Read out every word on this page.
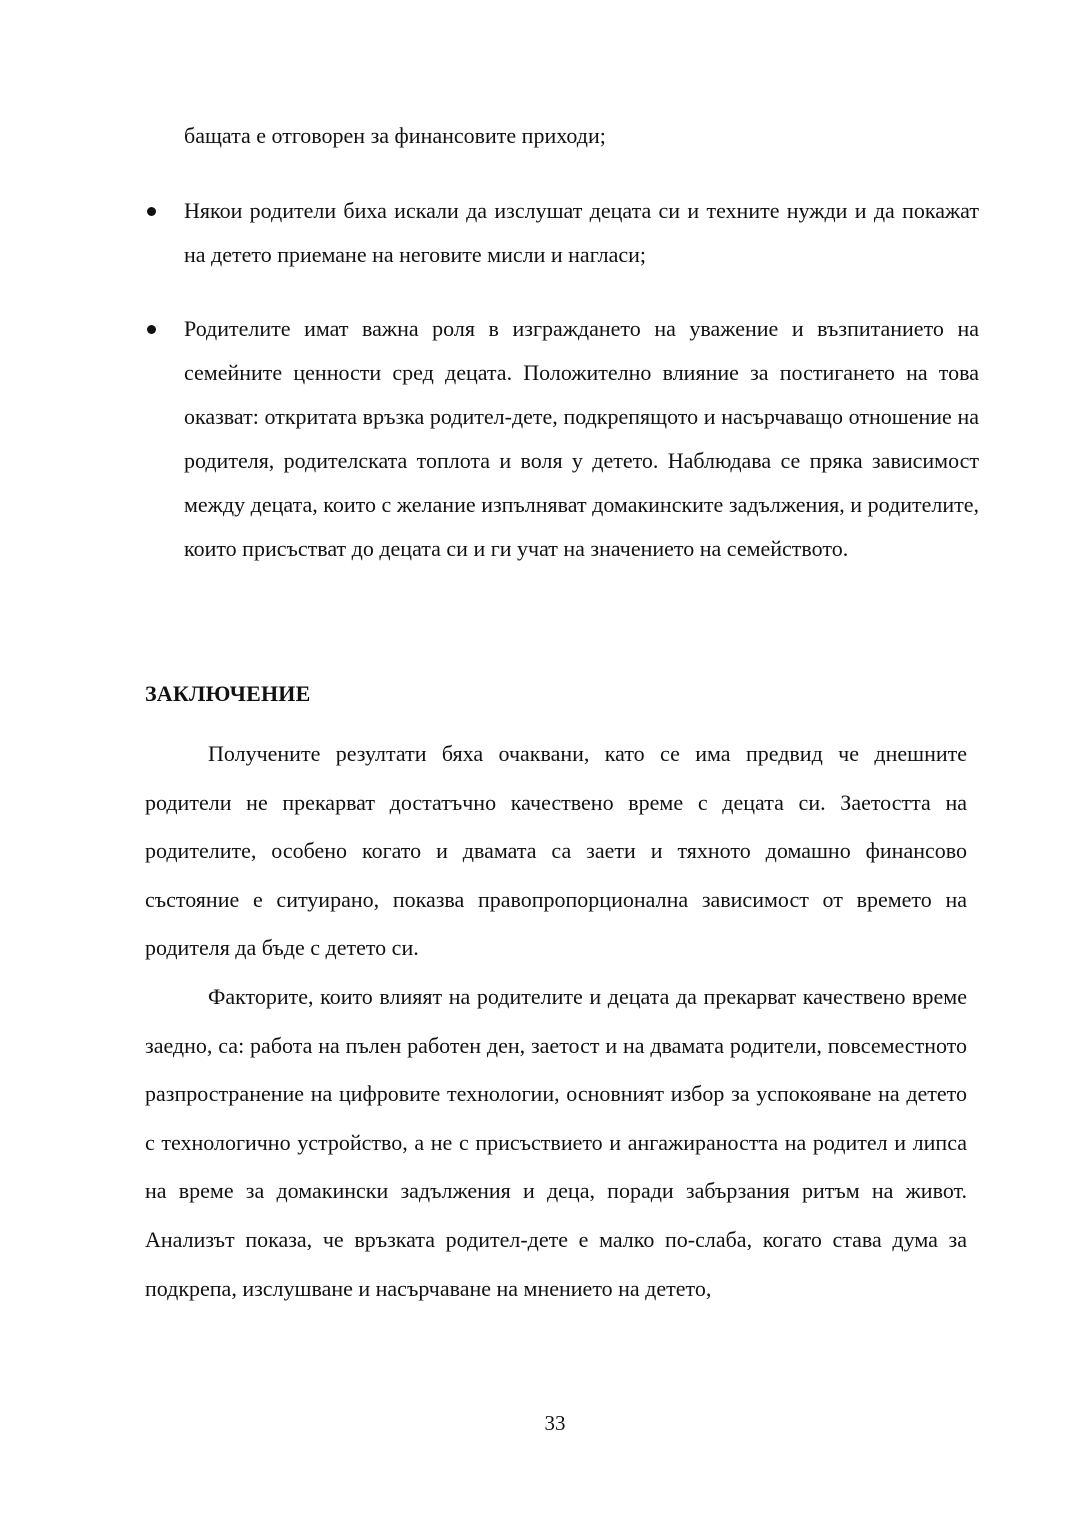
бащата е отговорен за финансовите приходи;
Някои родители биха искали да изслушат децата си и техните нужди и да покажат на детето приемане на неговите мисли и нагласи;
Родителите имат важна роля в изграждането на уважение и възпитанието на семейните ценности сред децата. Положително влияние за постигането на това оказват: откритата връзка родител-дете, подкрепящото и насърчаващо отношение на родителя, родителската топлота и воля у детето. Наблюдава се пряка зависимост между децата, които с желание изпълняват домакинските задължения, и родителите, които присъстват до децата си и ги учат на значението на семейството.
ЗАКЛЮЧЕНИЕ

Получените резултати бяха очаквани, като се има предвид че днешните родители не прекарват достатъчно качествено време с децата си. Заетостта на родителите, особено когато и двамата са заети и тяхното домашно финансово състояние е ситуирано, показва правопропорционална зависимост от времето на родителя да бъде с детето си.

Факторите, които влияят на родителите и децата да прекарват качествено време заедно, са: работа на пълен работен ден, заетост и на двамата родители, повсеместното разпространение на цифровите технологии, основният избор за успокояване на детето с технологично устройство, а не с присъствието и ангажираността на родител и липса на време за домакински задължения и деца, поради забързания ритъм на живот. Анализът показа, че връзката родител-дете е малко по-слаба, когато става дума за подкрепа, изслушване и насърчаване на мнението на детето,

33
